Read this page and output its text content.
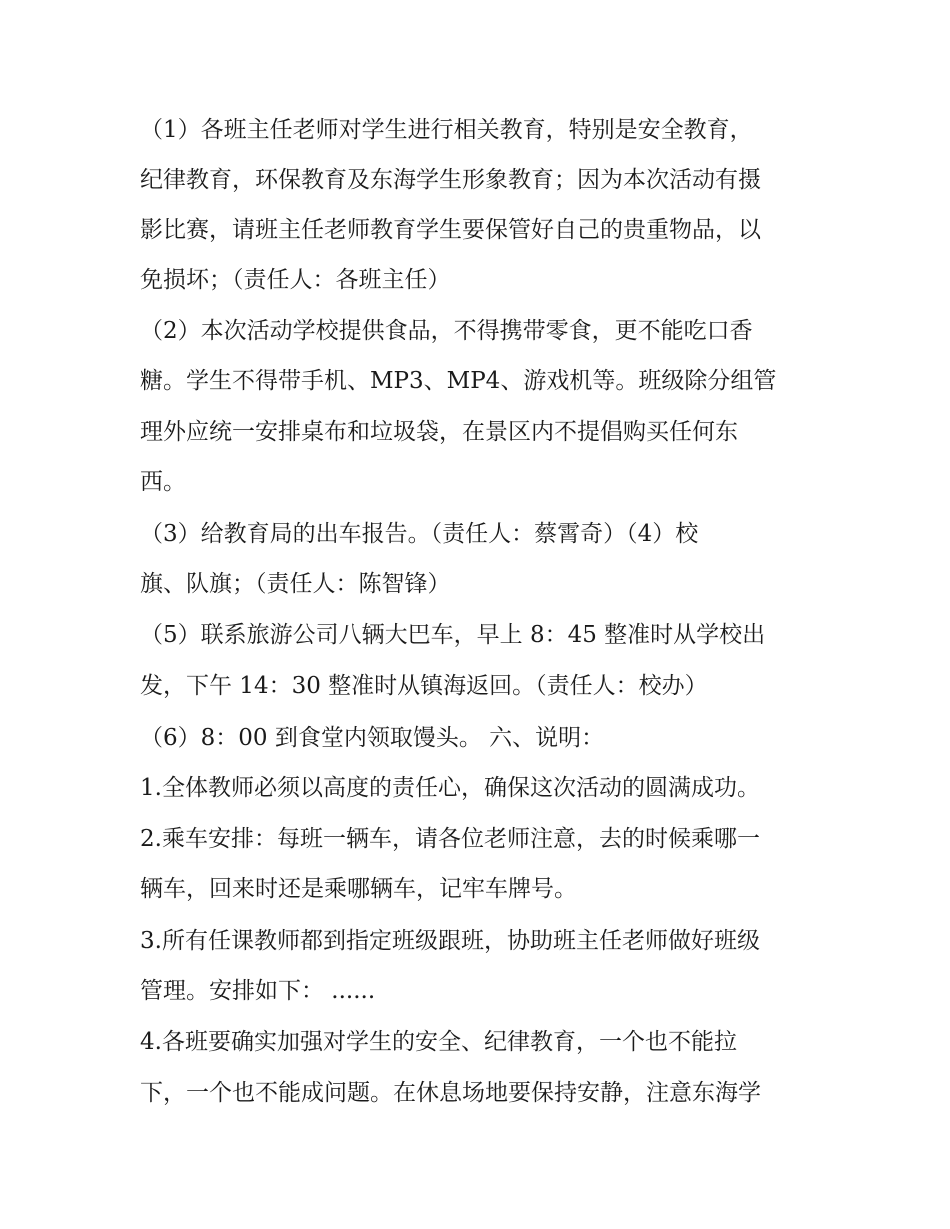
（1）各班主任老师对学生进行相关教育，特别是安全教育，

纪律教育，环保教育及东海学生形象教育；因为本次活动有摄

影比赛，请班主任老师教育学生要保管好自己的贵重物品，以

免损坏；（责任人：各班主任）

（2）本次活动学校提供食品，不得携带零食，更不能吃口香

糖。学生不得带手机、MP3、MP4、游戏机等。班级除分组管

理外应统一安排桌布和垃圾袋，在景区内不提倡购买任何东

西。

（3）给教育局的出车报告。（责任人：蔡霄奇）（4）校

旗、队旗；（责任人：陈智锋）

（5）联系旅游公司八辆大巴车，早上 8：45 整准时从学校出

发，下午 14：30 整准时从镇海返回。（责任人：校办）

（6）8：00 到食堂内领取馒头。 六、说明：

1.全体教师必须以高度的责任心，确保这次活动的圆满成功。

2.乘车安排：每班一辆车，请各位老师注意，去的时候乘哪一

辆车，回来时还是乘哪辆车，记牢车牌号。

3.所有任课教师都到指定班级跟班，协助班主任老师做好班级

管理。安排如下： ......

4.各班要确实加强对学生的安全、纪律教育，一个也不能拉

下，一个也不能成问题。在休息场地要保持安静，注意东海学
